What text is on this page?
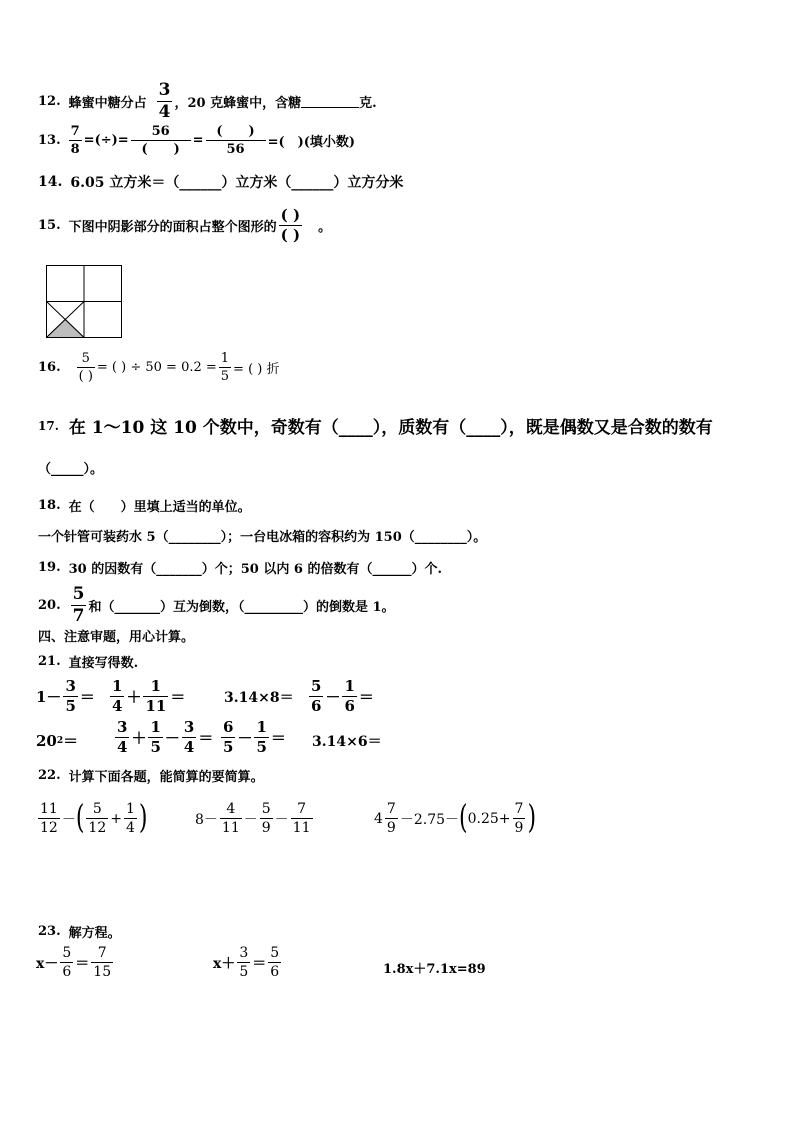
12. 蜂蜜中糖分占 $\frac{3}{4}$ ，20 克蜂蜜中，含糖	克.
13. $\frac{7}{8}$ =(÷)= $\frac{56}{( )} = \frac{( )}{56}$ =(　)(填小数)
14. 6.05 立方米＝（______）立方米（______）立方分米
15. 下图中阴影部分的面积占整个图形的 $\frac{( )}{( )}$ 。
16. $\frac{5}{( )}$ = ( ) ÷ $50 = 0.2 = \frac{1}{5}$ = ( ) 折
17. 在 1～10 这 10 个数中，奇数有（____），质数有（____），既是偶数又是合数的数有
（_____）。
18. 在（　　）里填上适当的单位。
一个针管可装药水 5（________）；一台电冰箱的容积约为 150（________）。
19. 30 的因数有（_______）个；50 以内 6 的倍数有（______）个.
20. $\frac{5}{7}$ 和（_______）互为倒数，（_________）的倒数是 1。
四、注意审题，用心计算。
21. 直接写得数.
$1- \frac{3}{5} = \frac{1}{4} + \frac{1}{11}$ ＝	$3.14\times 8= \frac{5}{6} - \frac{1}{6}$ ＝
20 $2 = \frac{3}{4} + \frac{1}{5} - \frac{3}{4} = \frac{6}{5} - \frac{1}{5} = 3.14\times 6=$
22. 计算下面各题，能简算的要简算。
$\frac{11}{12}$ － ( $\frac{5}{12} + \frac{1}{4}$ )	$8- \frac{4}{11} - \frac{5}{9} - \frac{7}{11}$	$4 \frac{7}{9} -2.75-$ ( $0.25+ \frac{7}{9}$ )
23. 解方程。
$x- \frac{5}{6} = \frac{7}{15}$	$x+ \frac{3}{5} = \frac{5}{6}$	1.8x＋7.1x=89
